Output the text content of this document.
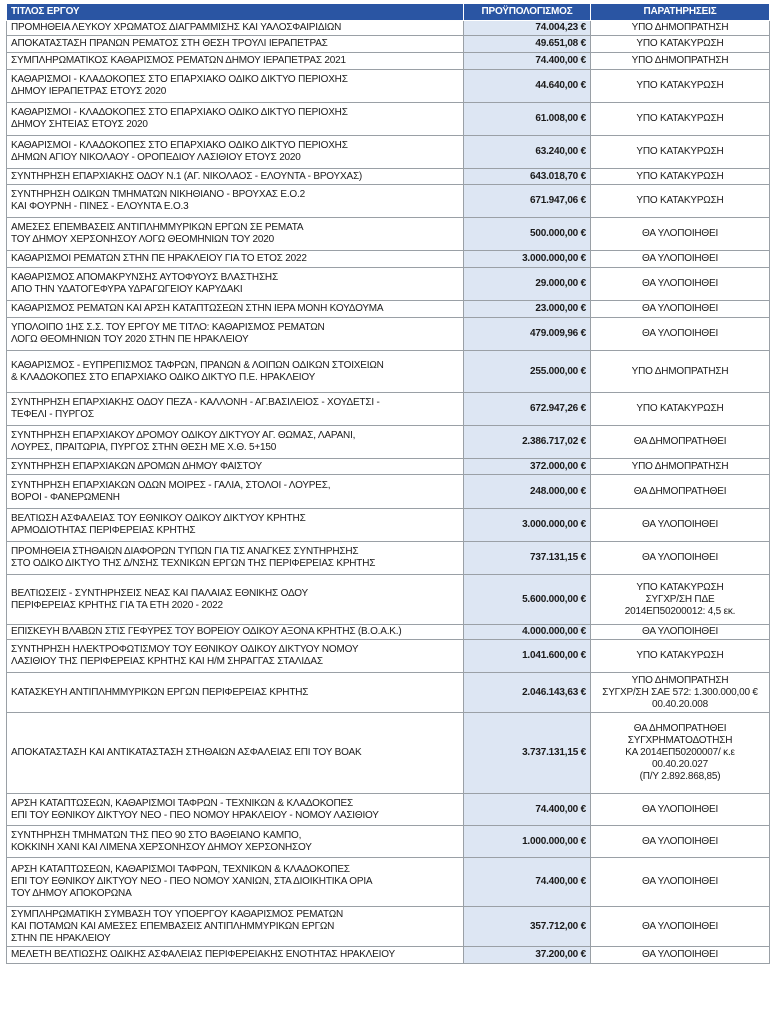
ΤΙΤΛΟΣ ΕΡΓΟΥ	ΠΡΟΫΠΟΛΟΓΙΣΜΟΣ	ΠΑΡΑΤΗΡΗΣΕΙΣ

ΠΡΟΜΗΘΕΙΑ ΛΕΥΚΟΥ ΧΡΩΜΑΤΟΣ ΔΙΑΓΡΑΜΜΙΣΗΣ ΚΑΙ ΥΑΛΟΣΦΑΙΡΙΔΙΩΝ	74.004,23 €	ΥΠΟ ΔΗΜΟΠΡΑΤΗΣΗ

ΑΠΟΚΑΤΑΣΤΑΣΗ ΠΡΑΝΩΝ ΡΕΜΑΤΟΣ ΣΤΗ ΘΕΣΗ ΤΡΟΥΛΙ ΙΕΡΑΠΕΤΡΑΣ	49.651,08 €	ΥΠΟ ΚΑΤΑΚΥΡΩΣΗ

ΣΥΜΠΛΗΡΩΜΑΤΙΚΟΣ ΚΑΘΑΡΙΣΜΟΣ ΡΕΜΑΤΩΝ ΔΗΜΟΥ ΙΕΡΑΠΕΤΡΑΣ 2021	74.400,00 €	ΥΠΟ ΔΗΜΟΠΡΑΤΗΣΗ

ΚΑΘΑΡΙΣΜΟΙ - ΚΛΑΔΟΚΟΠΕΣ ΣΤΟ ΕΠΑΡΧΙΑΚΟ ΟΔΙΚΟ ΔΙΚΤΥΟ ΠΕΡΙΟΧΗΣ
ΔΗΜΟΥ ΙΕΡΑΠΕΤΡΑΣ ΕΤΟΥΣ 2020	44.640,00 €	ΥΠΟ ΚΑΤΑΚΥΡΩΣΗ

ΚΑΘΑΡΙΣΜΟΙ - ΚΛΑΔΟΚΟΠΕΣ ΣΤΟ ΕΠΑΡΧΙΑΚΟ ΟΔΙΚΟ ΔΙΚΤΥΟ ΠΕΡΙΟΧΗΣ
ΔΗΜΟΥ ΣΗΤΕΙΑΣ ΕΤΟΥΣ 2020	61.008,00 €	ΥΠΟ ΚΑΤΑΚΥΡΩΣΗ

ΚΑΘΑΡΙΣΜΟΙ - ΚΛΑΔΟΚΟΠΕΣ ΣΤΟ ΕΠΑΡΧΙΑΚΟ ΟΔΙΚΟ ΔΙΚΤΥΟ ΠΕΡΙΟΧΗΣ
ΔΗΜΩΝ ΑΓΙΟΥ ΝΙΚΟΛΑΟΥ - ΟΡΟΠΕΔΙΟΥ ΛΑΣΙΘΙΟΥ ΕΤΟΥΣ 2020	63.240,00 €	ΥΠΟ ΚΑΤΑΚΥΡΩΣΗ

ΣΥΝΤΗΡΗΣΗ ΕΠΑΡΧΙΑΚΗΣ ΟΔΟΥ Ν.1 (ΑΓ. ΝΙΚΟΛΑΟΣ - ΕΛΟΥΝΤΑ - ΒΡΟΥΧΑΣ)	643.018,70 €	ΥΠΟ ΚΑΤΑΚΥΡΩΣΗ

ΣΥΝΤΗΡΗΣΗ ΟΔΙΚΩΝ ΤΜΗΜΑΤΩΝ ΝΙΚΗΘΙΑΝΟ - ΒΡΟΥΧΑΣ Ε.Ο.2
ΚΑΙ ΦΟΥΡΝΗ - ΠΙΝΕΣ - ΕΛΟΥΝΤΑ Ε.Ο.3	671.947,06 €	ΥΠΟ ΚΑΤΑΚΥΡΩΣΗ

ΑΜΕΣΕΣ ΕΠΕΜΒΑΣΕΙΣ ΑΝΤΙΠΛΗΜΜΥΡΙΚΩΝ ΕΡΓΩΝ ΣΕ ΡΕΜΑΤΑ
ΤΟΥ ΔΗΜΟΥ ΧΕΡΣΟΝΗΣΟΥ ΛΟΓΩ ΘΕΟΜΗΝΙΩΝ ΤΟΥ 2020	500.000,00 €	ΘΑ ΥΛΟΠΟΙΗΘΕΙ

ΚΑΘΑΡΙΣΜΟΙ ΡΕΜΑΤΩΝ ΣΤΗΝ ΠΕ ΗΡΑΚΛΕΙΟΥ ΓΙΑ ΤΟ ΕΤΟΣ 2022	3.000.000,00 €	ΘΑ ΥΛΟΠΟΙΗΘΕΙ

ΚΑΘΑΡΙΣΜΟΣ ΑΠΟΜΑΚΡΥΝΣΗΣ ΑΥΤΟΦΥΟΥΣ ΒΛΑΣΤΗΣΗΣ
ΑΠΟ ΤΗΝ ΥΔΑΤΟΓΕΦΥΡΑ ΥΔΡΑΓΩΓΕΙΟΥ ΚΑΡΥΔΑΚΙ	29.000,00 €	ΘΑ ΥΛΟΠΟΙΗΘΕΙ

ΚΑΘΑΡΙΣΜΟΣ ΡΕΜΑΤΩΝ ΚΑΙ ΑΡΣΗ ΚΑΤΑΠΤΩΣΕΩΝ ΣΤΗΝ ΙΕΡΑ ΜΟΝΗ ΚΟΥΔΟΥΜΑ	23.000,00 €	ΘΑ ΥΛΟΠΟΙΗΘΕΙ

ΥΠΟΛΟΙΠΟ 1ΗΣ Σ.Σ. ΤΟΥ ΕΡΓΟΥ ΜΕ ΤΙΤΛΟ: ΚΑΘΑΡΙΣΜΟΣ ΡΕΜΑΤΩΝ
ΛΟΓΩ ΘΕΟΜΗΝΙΩΝ ΤΟΥ 2020 ΣΤΗΝ ΠΕ ΗΡΑΚΛΕΙΟΥ	479.009,96 €	ΘΑ ΥΛΟΠΟΙΗΘΕΙ

ΚΑΘΑΡΙΣΜΟΣ - ΕΥΠΡΕΠΙΣΜΟΣ ΤΑΦΡΩΝ, ΠΡΑΝΩΝ & ΛΟΙΠΩΝ ΟΔΙΚΩΝ ΣΤΟΙΧΕΙΩΝ
& ΚΛΑΔΟΚΟΠΕΣ ΣΤΟ ΕΠΑΡΧΙΑΚΟ ΟΔΙΚΟ ΔΙΚΤΥΟ Π.Ε. ΗΡΑΚΛΕΙΟΥ	255.000,00 €	ΥΠΟ ΔΗΜΟΠΡΑΤΗΣΗ

ΣΥΝΤΗΡΗΣΗ ΕΠΑΡΧΙΑΚΗΣ ΟΔΟΥ ΠΕΖΑ - ΚΑΛΛΟΝΗ - ΑΓ.ΒΑΣΙΛΕΙΟΣ - ΧΟΥΔΕΤΣΙ -
ΤΕΦΕΛΙ - ΠΥΡΓΟΣ	672.947,26 €	ΥΠΟ ΚΑΤΑΚΥΡΩΣΗ

ΣΥΝΤΗΡΗΣΗ ΕΠΑΡΧΙΑΚΟΥ ΔΡΟΜΟΥ ΟΔΙΚΟΥ ΔΙΚΤΥΟΥ ΑΓ. ΘΩΜΑΣ, ΛΑΡΑΝΙ,
ΛΟΥΡΕΣ, ΠΡΑΙΤΩΡΙΑ, ΠΥΡΓΟΣ ΣΤΗΝ ΘΕΣΗ ΜΕ Χ.Θ. 5+150	2.386.717,02 €	ΘΑ ΔΗΜΟΠΡΑΤΗΘΕΙ

ΣΥΝΤΗΡΗΣΗ ΕΠΑΡΧΙΑΚΩΝ ΔΡΟΜΩΝ ΔΗΜΟΥ ΦΑΙΣΤΟΥ	372.000,00 €	ΥΠΟ ΔΗΜΟΠΡΑΤΗΣΗ

ΣΥΝΤΗΡΗΣΗ ΕΠΑΡΧΙΑΚΩΝ ΟΔΩΝ ΜΟΙΡΕΣ - ΓΑΛΙΑ, ΣΤΟΛΟΙ - ΛΟΥΡΕΣ,
ΒΟΡΟΙ - ΦΑΝΕΡΩΜΕΝΗ	248.000,00 €	ΘΑ ΔΗΜΟΠΡΑΤΗΘΕΙ

ΒΕΛΤΙΩΣΗ ΑΣΦΑΛΕΙΑΣ ΤΟΥ ΕΘΝΙΚΟΥ ΟΔΙΚΟΥ ΔΙΚΤΥΟΥ ΚΡΗΤΗΣ
ΑΡΜΟΔΙΟΤΗΤΑΣ ΠΕΡΙΦΕΡΕΙΑΣ ΚΡΗΤΗΣ	3.000.000,00 €	ΘΑ ΥΛΟΠΟΙΗΘΕΙ

ΠΡΟΜΗΘΕΙΑ ΣΤΗΘΑΙΩΝ ΔΙΑΦΟΡΩΝ ΤΥΠΩΝ ΓΙΑ ΤΙΣ ΑΝΑΓΚΕΣ ΣΥΝΤΗΡΗΣΗΣ
ΣΤΟ ΟΔΙΚΟ ΔΙΚΤΥΟ ΤΗΣ Δ/ΝΣΗΣ ΤΕΧΝΙΚΩΝ ΕΡΓΩΝ ΤΗΣ ΠΕΡΙΦΕΡΕΙΑΣ ΚΡΗΤΗΣ	737.131,15 €	ΘΑ ΥΛΟΠΟΙΗΘΕΙ

ΒΕΛΤΙΩΣΕΙΣ - ΣΥΝΤΗΡΗΣΕΙΣ ΝΕΑΣ ΚΑΙ ΠΑΛΑΙΑΣ ΕΘΝΙΚΗΣ ΟΔΟΥ
ΠΕΡΙΦΕΡΕΙΑΣ ΚΡΗΤΗΣ ΓΙΑ ΤΑ ΕΤΗ 2020 - 2022	5.600.000,00 €	ΥΠΟ ΚΑΤΑΚΥΡΩΣΗ
ΣΥΓΧΡ/ΣΗ ΠΔΕ
2014ΕΠ50200012: 4,5 εκ.

ΕΠΙΣΚΕΥΗ ΒΛΑΒΩΝ ΣΤΙΣ ΓΕΦΥΡΕΣ ΤΟΥ ΒΟΡΕΙΟΥ ΟΔΙΚΟΥ ΑΞΟΝΑ ΚΡΗΤΗΣ (Β.Ο.Α.Κ.)	4.000.000,00 €	ΘΑ ΥΛΟΠΟΙΗΘΕΙ

ΣΥΝΤΗΡΗΣΗ ΗΛΕΚΤΡΟΦΩΤΙΣΜΟΥ ΤΟΥ ΕΘΝΙΚΟΥ ΟΔΙΚΟΥ ΔΙΚΤΥΟΥ ΝΟΜΟΥ
ΛΑΣΙΘΙΟΥ ΤΗΣ ΠΕΡΙΦΕΡΕΙΑΣ ΚΡΗΤΗΣ ΚΑΙ Η/Μ ΣΗΡΑΓΓΑΣ ΣΤΑΛΙΔΑΣ	1.041.600,00 €	ΥΠΟ ΚΑΤΑΚΥΡΩΣΗ

ΚΑΤΑΣΚΕΥΗ ΑΝΤΙΠΛΗΜΜΥΡΙΚΩΝ ΕΡΓΩΝ ΠΕΡΙΦΕΡΕΙΑΣ ΚΡΗΤΗΣ	2.046.143,63 €	ΥΠΟ ΔΗΜΟΠΡΑΤΗΣΗ
ΣΥΓΧΡ/ΣΗ ΣΑΕ 572: 1.300.000,00 €
00.40.20.008

ΑΠΟΚΑΤΑΣΤΑΣΗ ΚΑΙ ΑΝΤΙΚΑΤΑΣΤΑΣΗ ΣΤΗΘΑΙΩΝ ΑΣΦΑΛΕΙΑΣ ΕΠΙ ΤΟΥ ΒΟΑΚ	3.737.131,15 €	ΘΑ ΔΗΜΟΠΡΑΤΗΘΕΙ
ΣΥΓΧΡΗΜΑΤΟΔΟΤΗΣΗ
ΚΑ 2014ΕΠ50200007/ κ.ε
00.40.20.027
(Π/Υ 2.892.868,85)

ΑΡΣΗ ΚΑΤΑΠΤΩΣΕΩΝ, ΚΑΘΑΡΙΣΜΟΙ ΤΑΦΡΩΝ - ΤΕΧΝΙΚΩΝ & ΚΛΑΔΟΚΟΠΕΣ
ΕΠΙ ΤΟΥ ΕΘΝΙΚΟΥ ΔΙΚΤΥΟΥ ΝΕΟ - ΠΕΟ ΝΟΜΟΥ ΗΡΑΚΛΕΙΟΥ - ΝΟΜΟΥ ΛΑΣΙΘΙΟΥ	74.400,00 €	ΘΑ ΥΛΟΠΟΙΗΘΕΙ

ΣΥΝΤΗΡΗΣΗ ΤΜΗΜΑΤΩΝ ΤΗΣ ΠΕΟ 90 ΣΤΟ ΒΑΘΕΙΑΝΟ ΚΑΜΠΟ,
ΚΟΚΚΙΝΗ ΧΑΝΙ ΚΑΙ ΛΙΜΕΝΑ ΧΕΡΣΟΝΗΣΟΥ ΔΗΜΟΥ ΧΕΡΣΟΝΗΣΟΥ	1.000.000,00 €	ΘΑ ΥΛΟΠΟΙΗΘΕΙ

ΑΡΣΗ ΚΑΤΑΠΤΩΣΕΩΝ, ΚΑΘΑΡΙΣΜΟΙ ΤΑΦΡΩΝ, ΤΕΧΝΙΚΩΝ & ΚΛΑΔΟΚΟΠΕΣ
ΕΠΙ ΤΟΥ ΕΘΝΙΚΟΥ ΔΙΚΤΥΟΥ ΝΕΟ - ΠΕΟ ΝΟΜΟΥ ΧΑΝΙΩΝ, ΣΤΑ ΔΙΟΙΚΗΤΙΚΑ ΟΡΙΑ
ΤΟΥ ΔΗΜΟΥ ΑΠΟΚΟΡΩΝΑ	74.400,00 €	ΘΑ ΥΛΟΠΟΙΗΘΕΙ

ΣΥΜΠΛΗΡΩΜΑΤΙΚΗ ΣΥΜΒΑΣΗ ΤΟΥ ΥΠΟΕΡΓΟΥ ΚΑΘΑΡΙΣΜΟΣ ΡΕΜΑΤΩΝ
ΚΑΙ ΠΟΤΑΜΩΝ ΚΑΙ ΑΜΕΣΕΣ ΕΠΕΜΒΑΣΕΙΣ ΑΝΤΙΠΛΗΜΜΥΡΙΚΩΝ ΕΡΓΩΝ
ΣΤΗΝ ΠΕ ΗΡΑΚΛΕΙΟΥ	357.712,00 €	ΘΑ ΥΛΟΠΟΙΗΘΕΙ

ΜΕΛΕΤΗ ΒΕΛΤΙΩΣΗΣ ΟΔΙΚΗΣ ΑΣΦΑΛΕΙΑΣ ΠΕΡΙΦΕΡΕΙΑΚΗΣ ΕΝΟΤΗΤΑΣ ΗΡΑΚΛΕΙΟΥ	37.200,00 €	ΘΑ ΥΛΟΠΟΙΗΘΕΙ
